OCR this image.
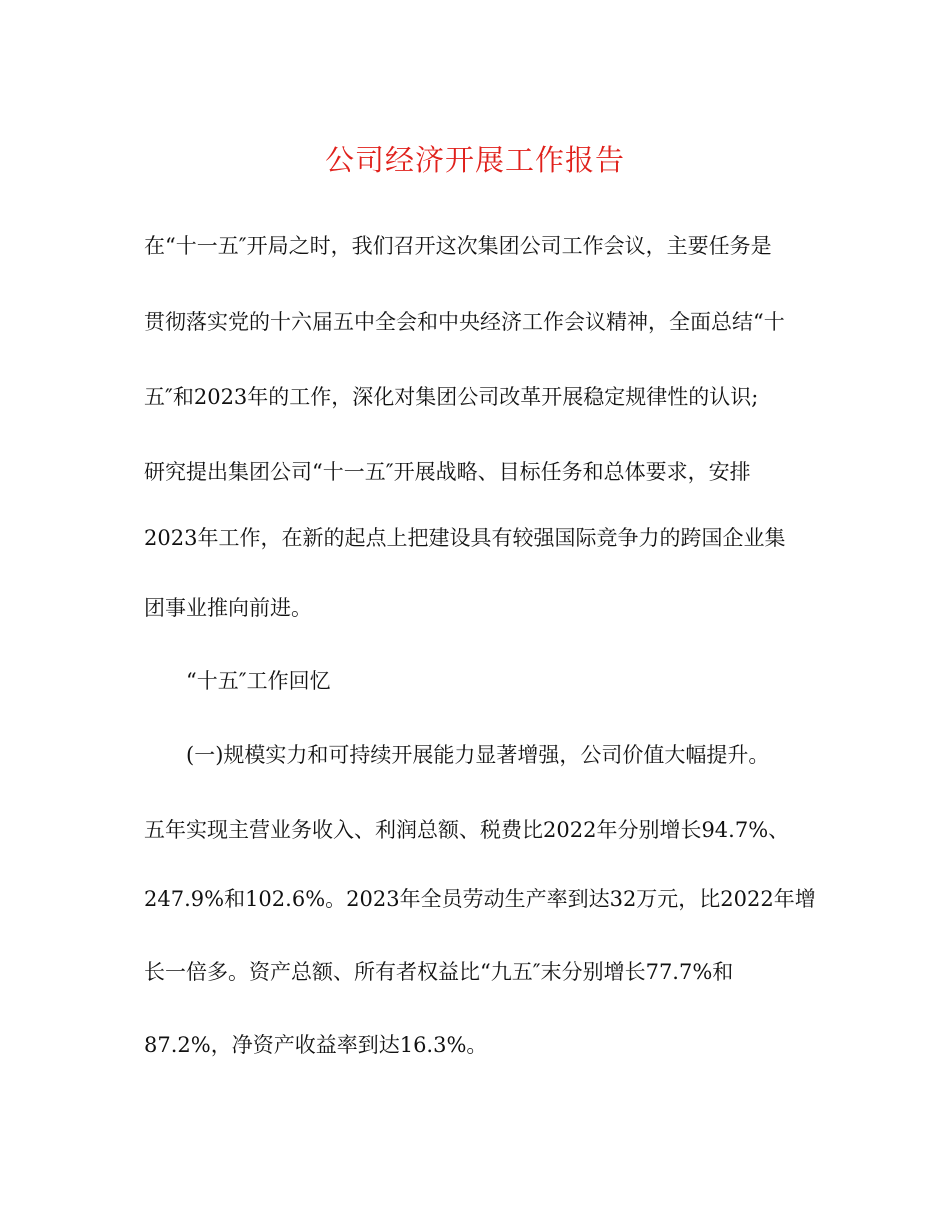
公司经济开展工作报告
在“十一五″开局之时，我们召开这次集团公司工作会议，主要任务是
贯彻落实党的十六届五中全会和中央经济工作会议精神，全面总结“十
五″和2023年的工作，深化对集团公司改革开展稳定规律性的认识;
研究提出集团公司“十一五″开展战略、目标任务和总体要求，安排
2023年工作，在新的起点上把建设具有较强国际竞争力的跨国企业集
团事业推向前进。
“十五″工作回忆
(一)规模实力和可持续开展能力显著增强，公司价值大幅提升。
五年实现主营业务收入、利润总额、税费比2022年分别增长94.7%、
247.9%和102.6%。2023年全员劳动生产率到达32万元，比2022年增
长一倍多。资产总额、所有者权益比“九五″末分别增长77.7%和
87.2%，净资产收益率到达16.3%。
